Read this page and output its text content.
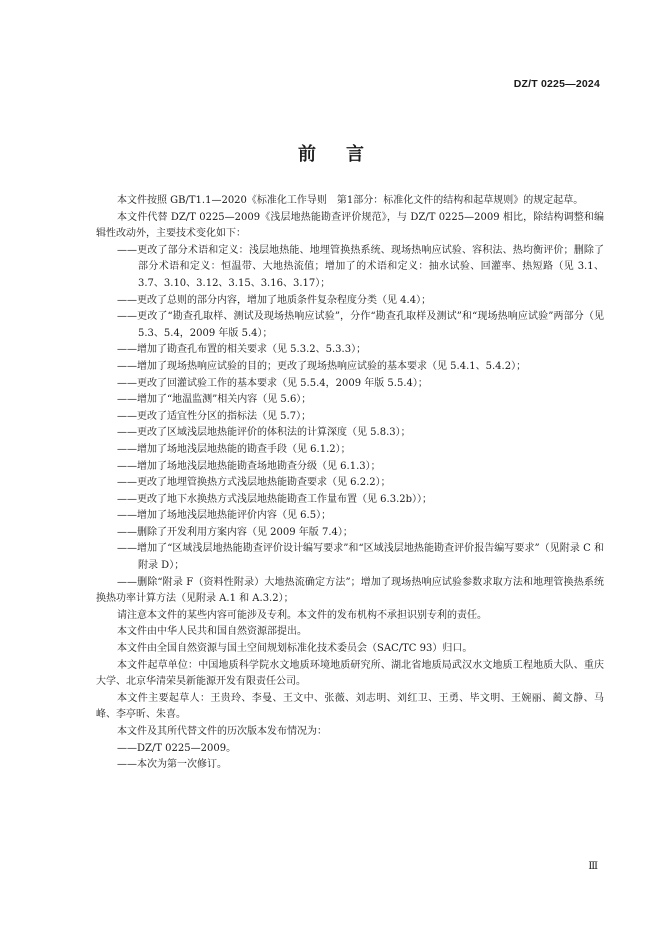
DZ/T 0225—2024
前言

本文件按照 GB/T1.1—2020《标准化工作导则　第1部分：标准化文件的结构和起草规则》的规定起草。

本文件代替 DZ/T 0225—2009《浅层地热能勘查评价规范》，与 DZ/T 0225—2009 相比，除结构调整和编辑性改动外，主要技术变化如下：

——更改了部分术语和定义：浅层地热能、地埋管换热系统、现场热响应试验、容积法、热均衡评价；删除了部分术语和定义：恒温带、大地热流值；增加了的术语和定义：抽水试验、回灌率、热短路（见 3.1、3.7、3.10、3.12、3.15、3.16、3.17）；
——更改了总则的部分内容，增加了地质条件复杂程度分类（见 4.4）；
——更改了“勘查孔取样、测试及现场热响应试验”，分作“勘查孔取样及测试”和“现场热响应试验”两部分（见 5.3、5.4，2009 年版 5.4）；
——增加了勘查孔布置的相关要求（见 5.3.2、5.3.3）；
——增加了现场热响应试验的目的；更改了现场热响应试验的基本要求（见 5.4.1、5.4.2）；
——更改了回灌试验工作的基本要求（见 5.5.4，2009 年版 5.5.4）；
——增加了“地温监测”相关内容（见 5.6）；
——更改了适宜性分区的指标法（见 5.7）；
——更改了区域浅层地热能评价的体积法的计算深度（见 5.8.3）；
——增加了场地浅层地热能的勘查手段（见 6.1.2）；
——增加了场地浅层地热能勘查场地勘查分级（见 6.1.3）；
——更改了地埋管换热方式浅层地热能勘查要求（见 6.2.2）；
——更改了地下水换热方式浅层地热能勘查工作量布置（见 6.3.2b））；
——增加了场地浅层地热能评价内容（见 6.5）；
——删除了开发利用方案内容（见 2009 年版 7.4）；
——增加了“区域浅层地热能勘查评价设计编写要求”和“区域浅层地热能勘查评价报告编写要求”（见附录 C 和附录 D）；

——删除“附录 F（资料性附录）大地热流确定方法”；增加了现场热响应试验参数求取方法和地理管换热系统换热功率计算方法（见附录 A.1 和 A.3.2）；

请注意本文件的某些内容可能涉及专利。本文件的发布机构不承担识别专利的责任。

本文件由中华人民共和国自然资源部提出。

本文件由全国自然资源与国土空间规划标准化技术委员会（SAC/TC 93）归口。

本文件起草单位：中国地质科学院水文地质环境地质研究所、湖北省地质局武汉水文地质工程地质大队、重庆大学、北京华清荣昊新能源开发有限责任公司。

本文件主要起草人：王贵玲、李曼、王文中、张薇、刘志明、刘红卫、王勇、毕文明、王婉丽、蔺文静、马峰、李亭昕、朱喜。

本文件及其所代替文件的历次版本发布情况为：

——DZ/T 0225—2009。
——本次为第一次修订。
Ⅲ
